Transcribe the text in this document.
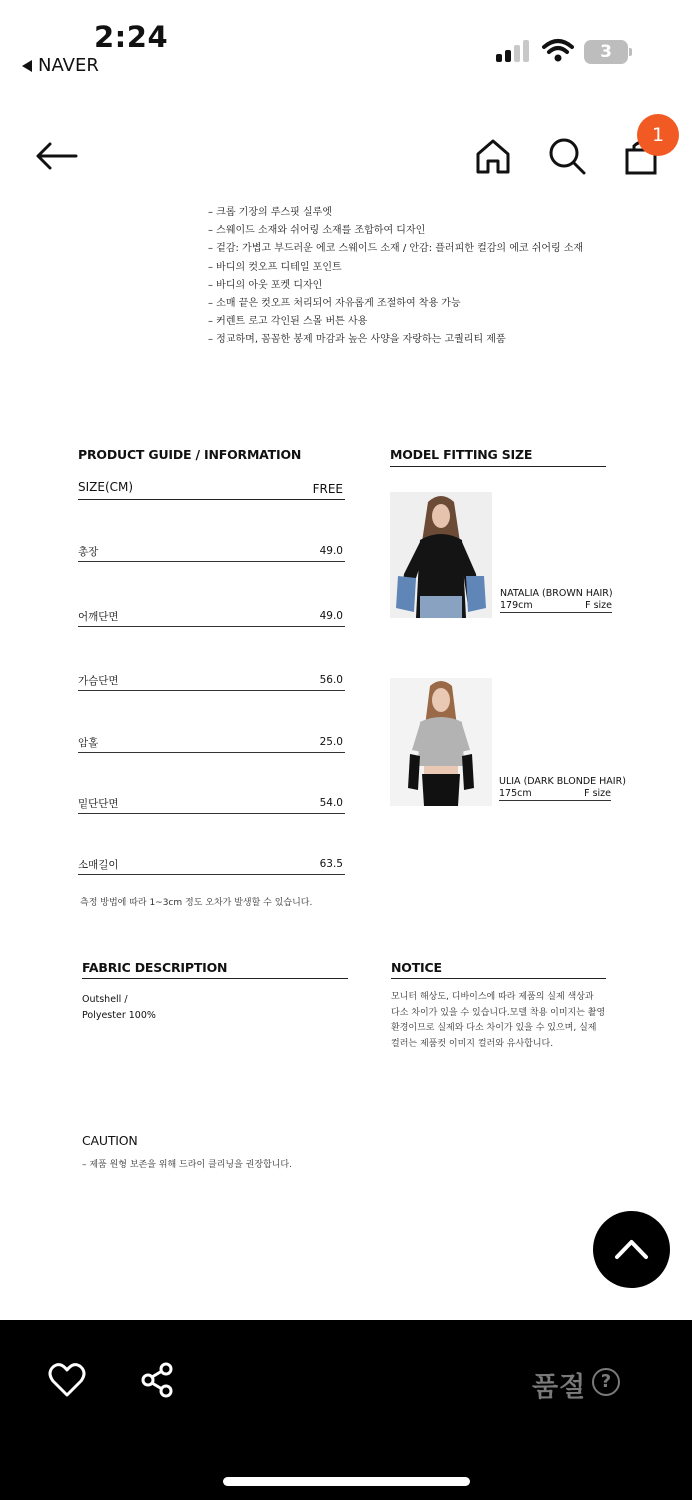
2:24
NAVER
3
1
– 크롭 기장의 루스핏 실루엣
– 스웨이드 소재와 쉬어링 소재를 조합하여 디자인
– 겉감: 가볍고 부드러운 에코 스웨이드 소재 / 안감: 플러피한 컬감의 에코 쉬어링 소재
– 바디의 컷오프 디테일 포인트
– 바디의 아웃 포켓 디자인
– 소매 끝은 컷오프 처리되어 자유롭게 조절하여 착용 가능
– 커렌트 로고 각인된 스몰 버튼 사용
– 정교하며, 꼼꼼한 봉제 마감과 높은 사양을 자랑하는 고퀄리티 제품
PRODUCT GUIDE / INFORMATION
SIZE(CM)	FREE
총장	49.0
어깨단면	49.0
가슴단면	56.0
암홀	25.0
밑단단면	54.0
소매길이	63.5
측정 방법에 따라 1~3cm 정도 오차가 발생할 수 있습니다.
MODEL FITTING SIZE
NATALIA (BROWN HAIR)
179cm	F size
ULIA (DARK BLONDE HAIR)
175cm	F size
FABRIC DESCRIPTION
Outshell /
Polyester 100%
NOTICE
모니터 해상도, 디바이스에 따라 제품의 실제 색상과
다소 차이가 있을 수 있습니다.모델 착용 이미지는 촬영
환경이므로 실제와 다소 차이가 있을 수 있으며, 실제
컬러는 제품컷 이미지 컬러와 유사합니다.
CAUTION
– 제품 원형 보존을 위해 드라이 클리닝을 권장합니다.
품절 ?
